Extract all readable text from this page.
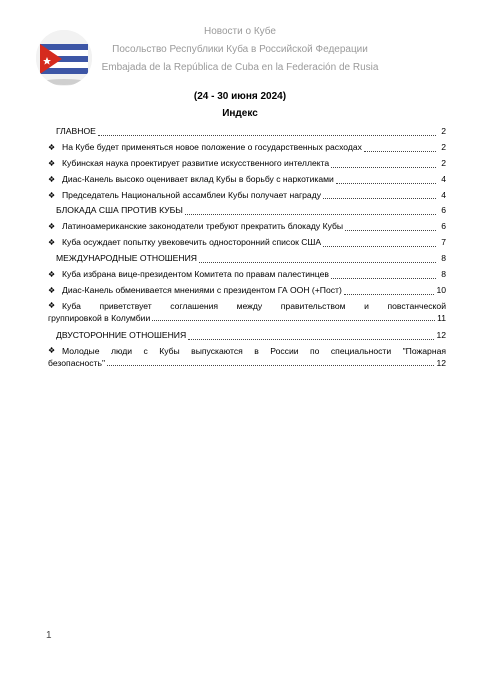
Новости о Кубе
Посольство Республики Куба в Российской Федерации
Embajada de la República de Cuba en la Federación de Rusia
(24 - 30 июня 2024)
Индекс
ГЛАВНОЕ	2
❖ На Кубе будет применяться новое положение о государственных расходах	2
❖ Кубинская наука проектирует развитие искусственного интеллекта	2
❖ Диас-Канель высоко оценивает вклад Кубы в борьбу с наркотиками	4
❖ Председатель Национальной ассамблеи Кубы получает награду	4
БЛОКАДА США ПРОТИВ КУБЫ	6
❖ Латиноамериканские законодатели требуют прекратить блокаду Кубы	6
❖ Куба осуждает попытку увековечить односторонний список США	7
МЕЖДУНАРОДНЫЕ ОТНОШЕНИЯ	8
❖ Куба избрана вице-президентом Комитета по правам палестинцев	8
❖ Диас-Канель обменивается мнениями с президентом ГА ООН (+Пост)	10
❖ Куба приветствует соглашения между правительством и повстанческой
группировкой в Колумбии	11
ДВУСТОРОННИЕ ОТНОШЕНИЯ	12
❖ Молодые люди с Кубы выпускаются в России по специальности "Пожарная
безопасность"	12
1
